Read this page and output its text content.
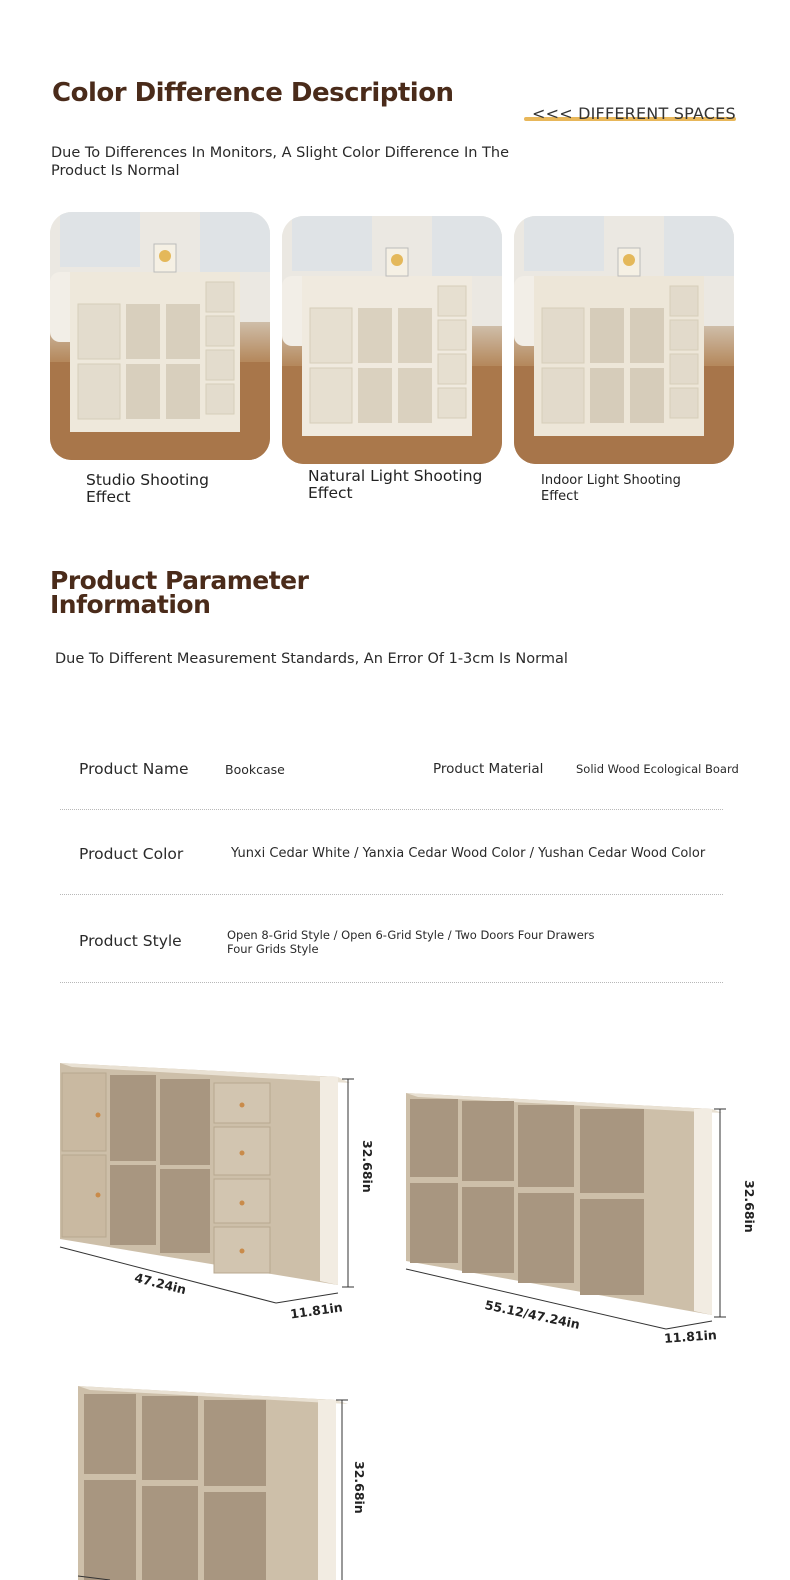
Color Difference Description
<<< DIFFERENT SPACES
Due To Differences In Monitors, A Slight Color Difference In The Product Is Normal
Studio Shooting Effect
Natural Light Shooting Effect
Indoor Light Shooting Effect
Product Parameter Information
Due To Different Measurement Standards, An Error Of 1-3cm Is Normal
Product Name	Bookcase	Product Material	Solid Wood Ecological Board
Product Color	Yunxi Cedar White / Yanxia Cedar Wood Color / Yushan Cedar Wood Color
Product Style	Open 8-Grid Style / Open 6-Grid Style / Two Doors Four Drawers Four Grids Style
32.68in
47.24in
11.81in
32.68in
55.12/47.24in
11.81in
32.68in
